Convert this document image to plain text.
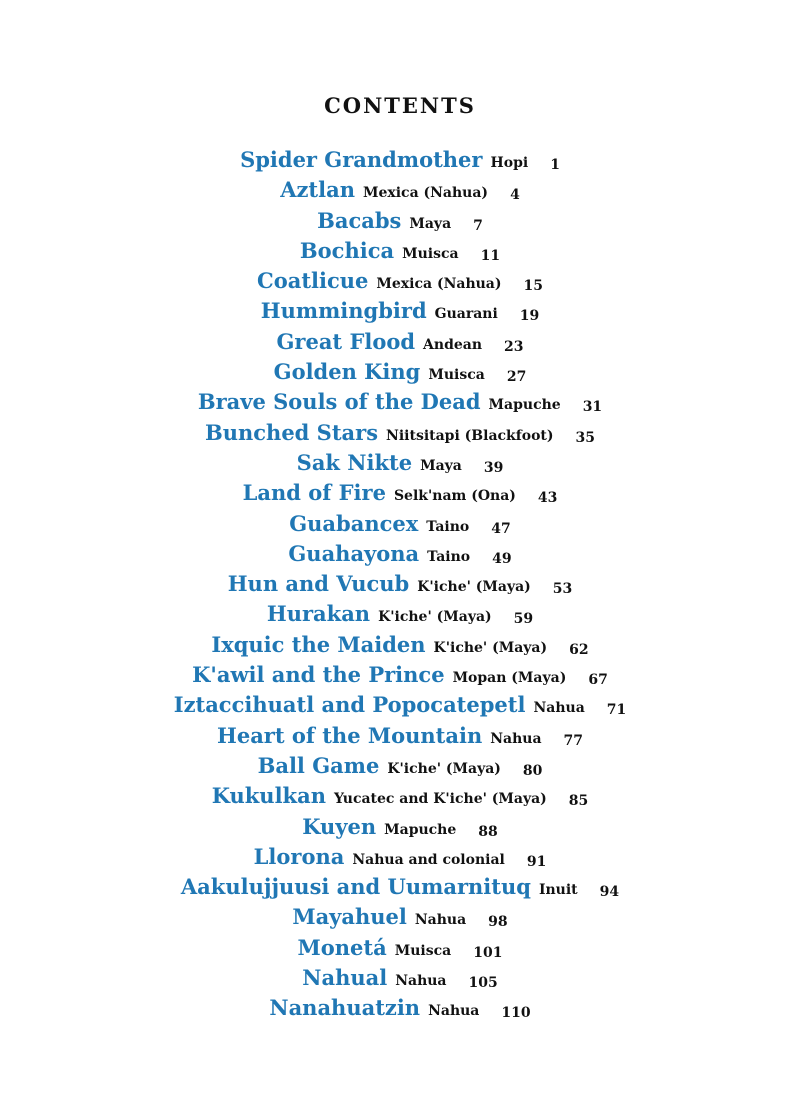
CONTENTS
Spider Grandmother Hopi 1
Aztlan Mexica (Nahua) 4
Bacabs Maya 7
Bochica Muisca 11
Coatlicue Mexica (Nahua) 15
Hummingbird Guarani 19
Great Flood Andean 23
Golden King Muisca 27
Brave Souls of the Dead Mapuche 31
Bunched Stars Niitsitapi (Blackfoot) 35
Sak Nikte Maya 39
Land of Fire Selk'nam (Ona) 43
Guabancex Taino 47
Guahayona Taino 49
Hun and Vucub K'iche' (Maya) 53
Hurakan K'iche' (Maya) 59
Ixquic the Maiden K'iche' (Maya) 62
K'awil and the Prince Mopan (Maya) 67
Iztaccihuatl and Popocatepetl Nahua 71
Heart of the Mountain Nahua 77
Ball Game K'iche' (Maya) 80
Kukulkan Yucatec and K'iche' (Maya) 85
Kuyen Mapuche 88
Llorona Nahua and colonial 91
Aakulujjuusi and Uumarnituq Inuit 94
Mayahuel Nahua 98
Monetá Muisca 101
Nahual Nahua 105
Nanahuatzin Nahua 110
